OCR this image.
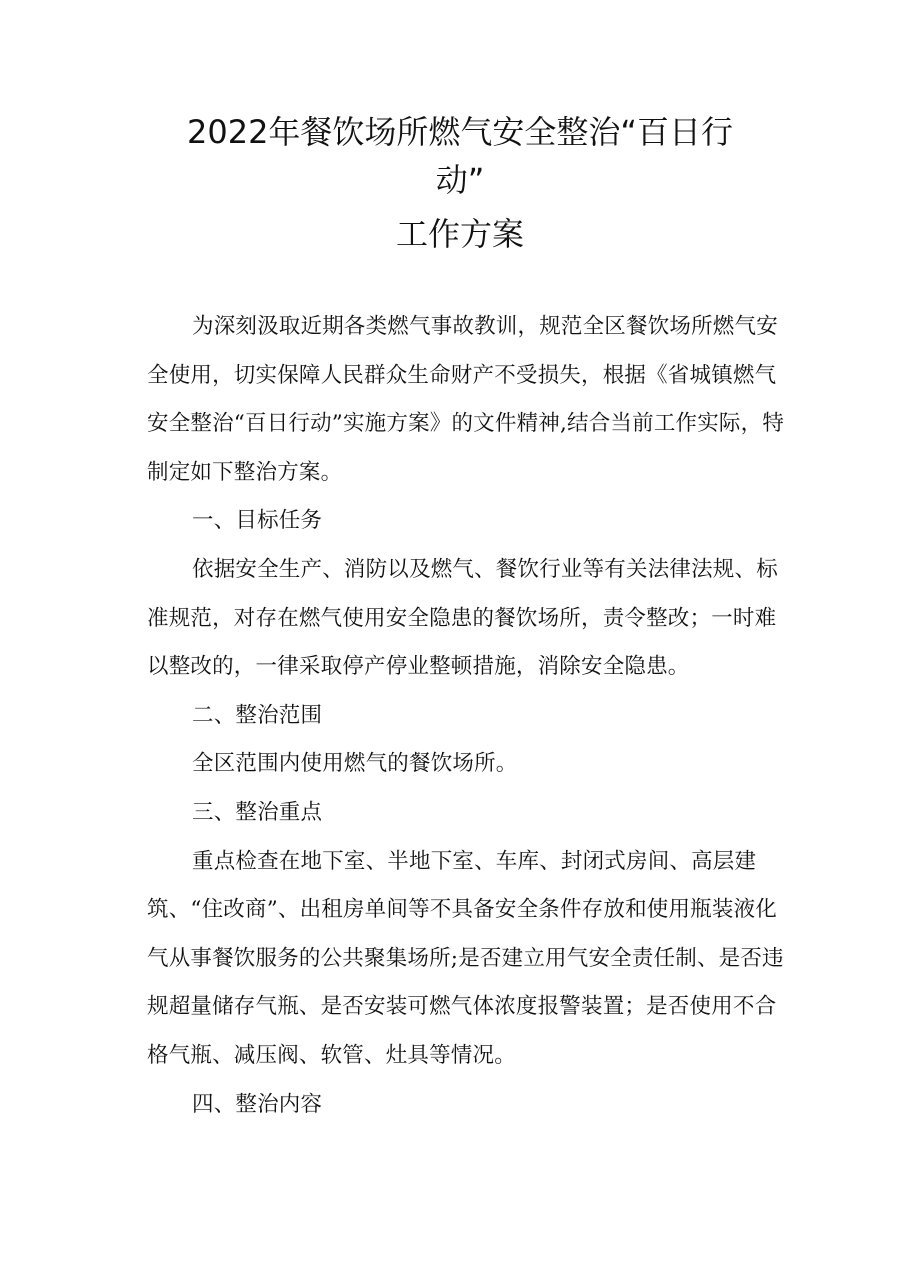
2022年餐饮场所燃气安全整治“百日行
动”
工作方案

为深刻汲取近期各类燃气事故教训，规范全区餐饮场所燃气安全使用，切实保障人民群众生命财产不受损失，根据《省城镇燃气安全整治“百日行动”实施方案》的文件精神,结合当前工作实际，特制定如下整治方案。

一、目标任务

依据安全生产、消防以及燃气、餐饮行业等有关法律法规、标准规范，对存在燃气使用安全隐患的餐饮场所，责令整改；一时难以整改的，一律采取停产停业整顿措施，消除安全隐患。

二、整治范围

全区范围内使用燃气的餐饮场所。

三、整治重点

重点检查在地下室、半地下室、车库、封闭式房间、高层建筑、“住改商”、出租房单间等不具备安全条件存放和使用瓶装液化气从事餐饮服务的公共聚集场所;是否建立用气安全责任制、是否违规超量储存气瓶、是否安装可燃气体浓度报警装置；是否使用不合格气瓶、减压阀、软管、灶具等情况。

四、整治内容
